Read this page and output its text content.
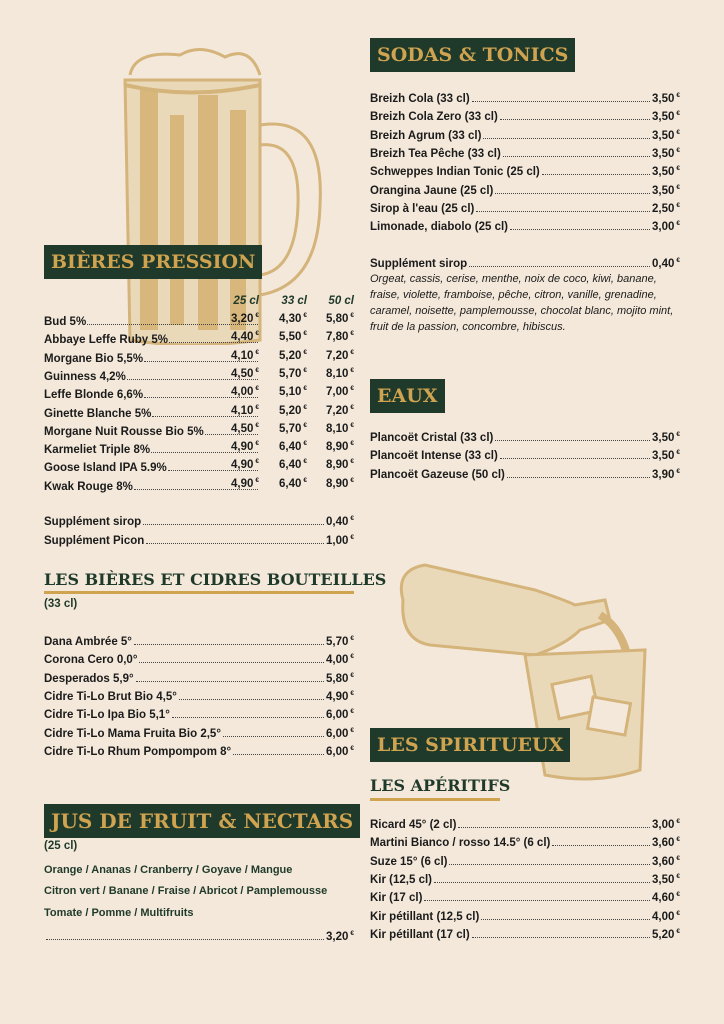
SODAS & TONICS
Breizh Cola (33 cl)	3,50 €
Breizh Cola Zero (33 cl)	3,50 €
Breizh Agrum (33 cl)	3,50 €
Breizh Tea Pêche (33 cl)	3,50 €
Schweppes Indian Tonic (25 cl)	3,50 €
Orangina Jaune (25 cl)	3,50 €
Sirop à l'eau (25 cl)	2,50 €
Limonade, diabolo (25 cl)	3,00 €
Supplément sirop	0,40 €
Orgeat, cassis, cerise, menthe, noix de coco, kiwi, banane, fraise, violette, framboise, pêche, citron, vanille, grenadine, caramel, noisette, pamplemousse, chocolat blanc, mojito mint, fruit de la passion, concombre, hibiscus.
EAUX
Plancoët Cristal (33 cl)	3,50 €
Plancoët Intense (33 cl)	3,50 €
Plancoët Gazeuse (50 cl)	3,90 €
LES SPIRITUEUX
LES APÉRITIFS
Ricard 45° (2 cl)	3,00 €
Martini Bianco / rosso 14.5° (6 cl)	3,60 €
Suze 15° (6 cl)	3,60 €
Kir (12,5 cl)	3,50 €
Kir (17 cl)	4,60 €
Kir pétillant (12,5 cl)	4,00 €
Kir pétillant (17 cl)	5,20 €
BIÈRES PRESSION
25 cl	33 cl	50 cl
Bud 5%	3,20 €	4,30 €	5,80 €
Abbaye Leffe Ruby 5%	4,40 €	5,50 €	7,80 €
Morgane Bio 5,5%	4,10 €	5,20 €	7,20 €
Guinness 4,2%	4,50 €	5,70 €	8,10 €
Leffe Blonde 6,6%	4,00 €	5,10 €	7,00 €
Ginette Blanche 5%	4,10 €	5,20 €	7,20 €
Morgane Nuit Rousse Bio 5%	4,50 €	5,70 €	8,10 €
Karmeliet Triple 8%	4,90 €	6,40 €	8,90 €
Goose Island IPA 5.9%	4,90 €	6,40 €	8,90 €
Kwak Rouge 8%	4,90 €	6,40 €	8,90 €
Supplément sirop	0,40 €
Supplément Picon	1,00 €
LES BIÈRES ET CIDRES BOUTEILLES
(33 cl)
Dana Ambrée 5°	5,70 €
Corona Cero 0,0°	4,00 €
Desperados 5,9°	5,80 €
Cidre Ti-Lo Brut Bio 4,5°	4,90 €
Cidre Ti-Lo Ipa Bio 5,1°	6,00 €
Cidre Ti-Lo Mama Fruita Bio 2,5°	6,00 €
Cidre Ti-Lo Rhum Pompompom 8°	6,00 €
JUS DE FRUIT & NECTARS
(25 cl)
Orange / Ananas / Cranberry / Goyave / Mangue
Citron vert / Banane / Fraise / Abricot / Pamplemousse
Tomate / Pomme / Multifruits
3,20 €
